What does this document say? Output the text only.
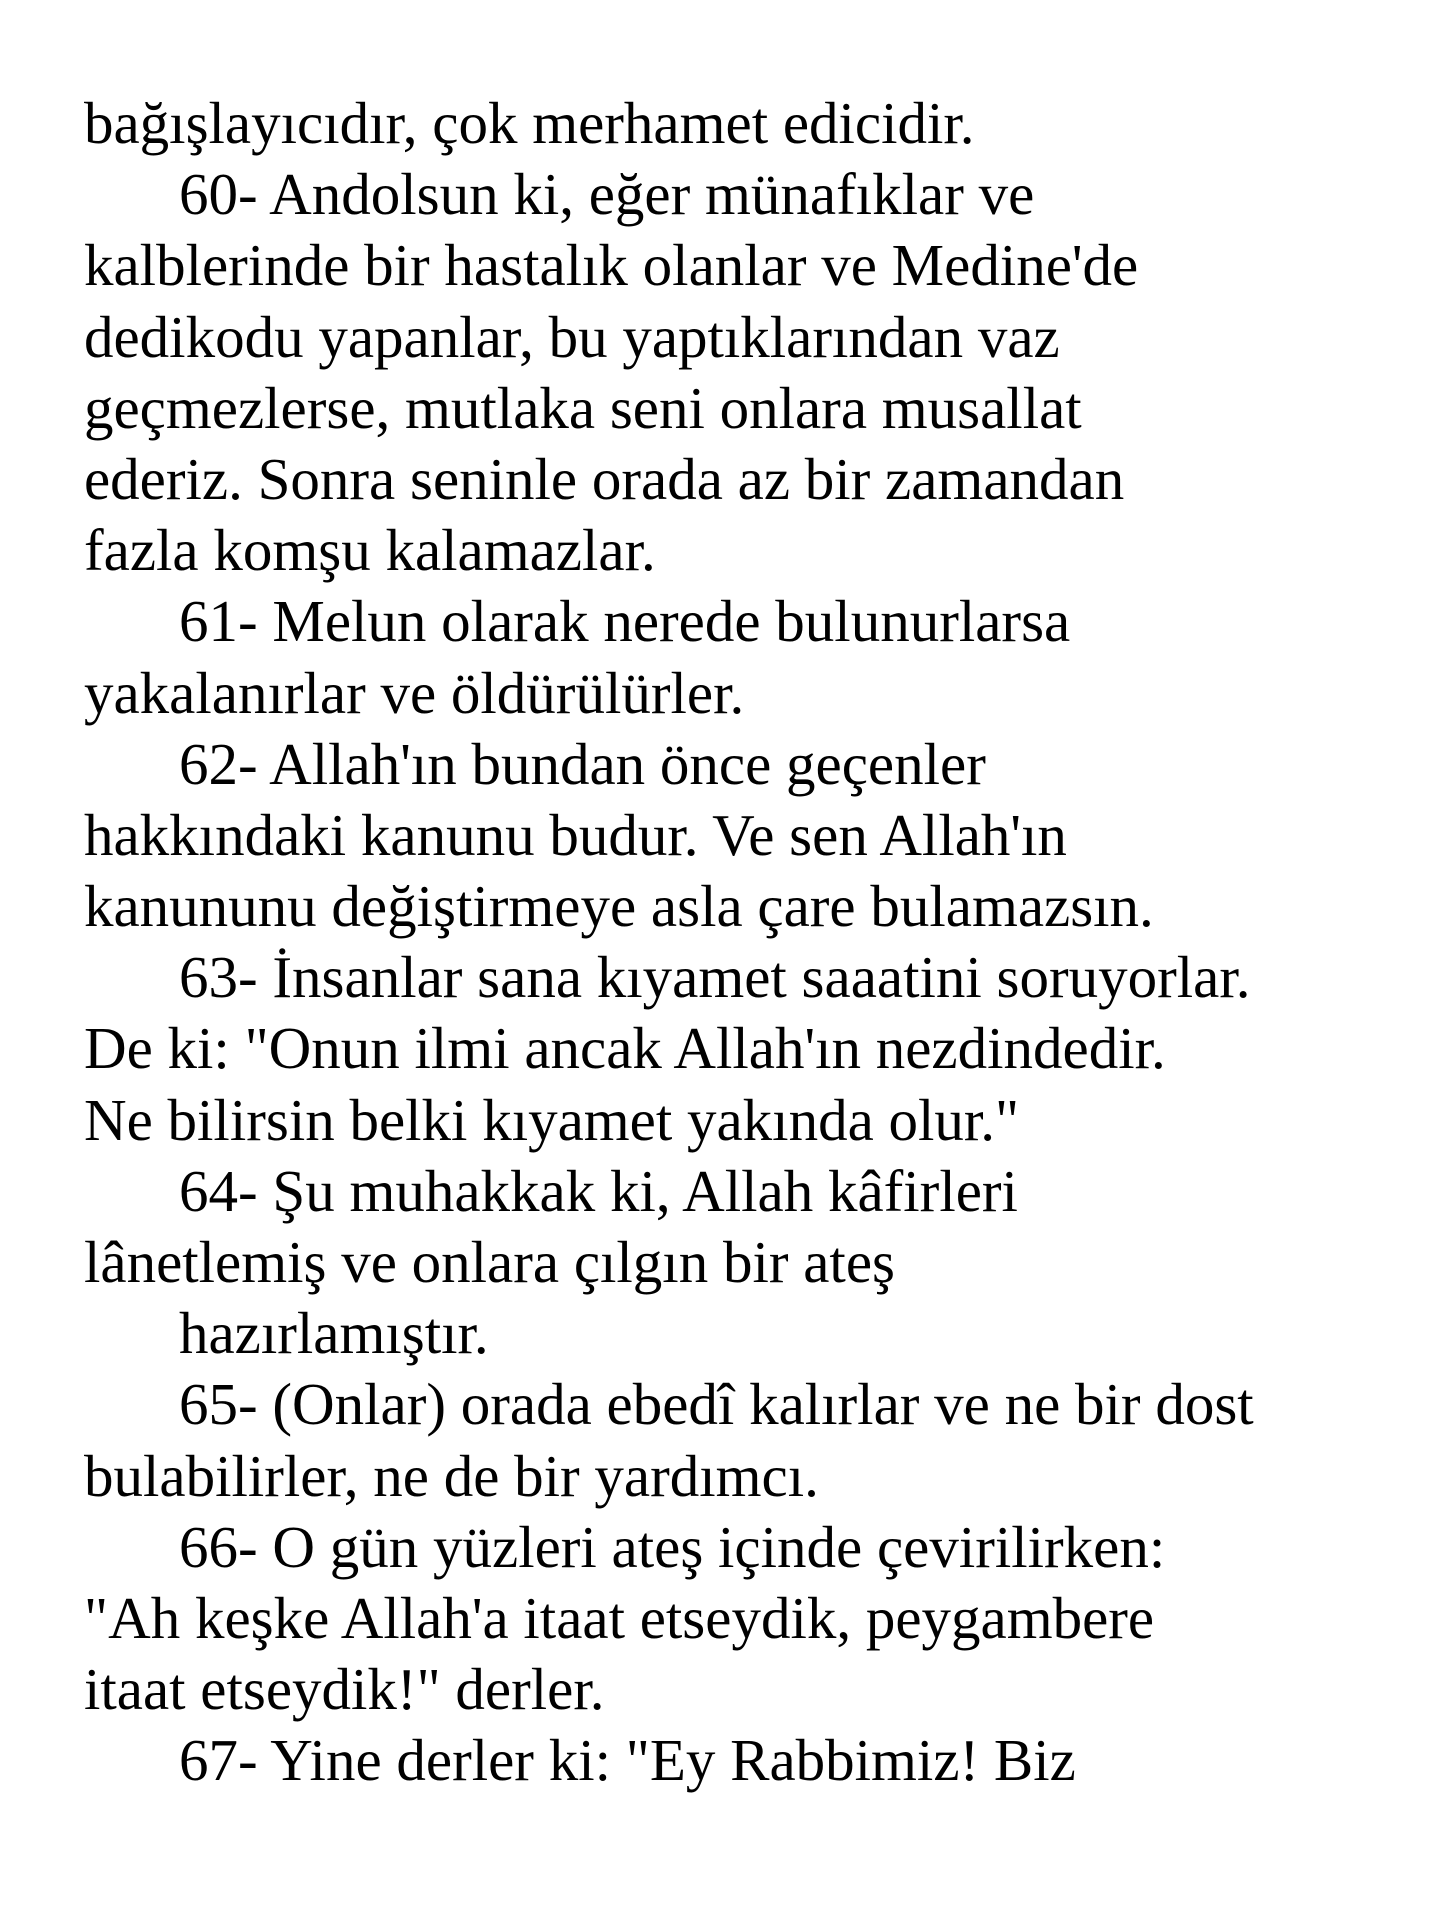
bağışlayıcıdır, çok merhamet edicidir.
60- Andolsun ki, eğer münafıklar ve
kalblerinde bir hastalık olanlar ve Medine'de
dedikodu yapanlar, bu yaptıklarından vaz
geçmezlerse, mutlaka seni onlara musallat
ederiz. Sonra seninle orada az bir zamandan
fazla komşu kalamazlar.
61- Melun olarak nerede bulunurlarsa
yakalanırlar ve öldürülürler.
62- Allah'ın bundan önce geçenler
hakkındaki kanunu budur. Ve sen Allah'ın
kanununu değiştirmeye asla çare bulamazsın.
63- İnsanlar sana kıyamet saaatini soruyorlar.
De ki: "Onun ilmi ancak Allah'ın nezdindedir.
Ne bilirsin belki kıyamet yakında olur."
64- Şu muhakkak ki, Allah kâfirleri
lânetlemiş ve onlara çılgın bir ateş
hazırlamıştır.
65- (Onlar) orada ebedî kalırlar ve ne bir dost
bulabilirler, ne de bir yardımcı.
66- O gün yüzleri ateş içinde çevirilirken:
"Ah keşke Allah'a itaat etseydik, peygambere
itaat etseydik!" derler.
67- Yine derler ki: "Ey Rabbimiz! Biz
